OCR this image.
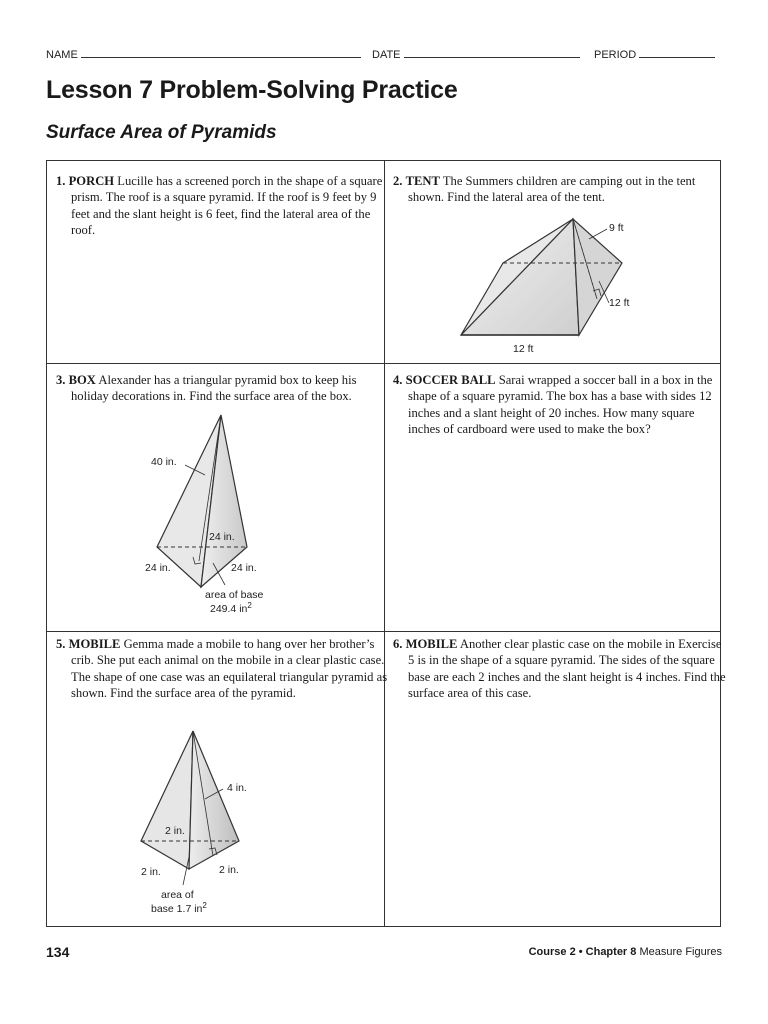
NAME	DATE	PERIOD
Lesson 7 Problem-Solving Practice
Surface Area of Pyramids
1. PORCH Lucille has a screened porch in the shape of a square prism. The roof is a square pyramid. If the roof is 9 feet by 9 feet and the slant height is 6 feet, find the lateral area of the roof.
2. TENT The Summers children are camping out in the tent shown. Find the lateral area of the tent.
9 ft
12 ft
12 ft
3. BOX Alexander has a triangular pyramid box to keep his holiday decorations in. Find the surface area of the box.
40 in.
24 in.
24 in.	24 in.
area of base
249.4 $in^2$
4. SOCCER BALL Sarai wrapped a soccer ball in a box in the shape of a square pyramid. The box has a base with sides 12 inches and a slant height of 20 inches. How many square inches of cardboard were used to make the box?
5. MOBILE Gemma made a mobile to hang over her brother’s crib. She put each animal on the mobile in a clear plastic case. The shape of one case was an equilateral triangular pyramid as shown. Find the surface area of the pyramid.
4 in.
2 in.
2 in.	2 in.
area of
base 1.7 $in^2$
6. MOBILE Another clear plastic case on the mobile in Exercise 5 is in the shape of a square pyramid. The sides of the square base are each 2 inches and the slant height is 4 inches. Find the surface area of this case.
134	Course 2 • Chapter 8 Measure Figures
